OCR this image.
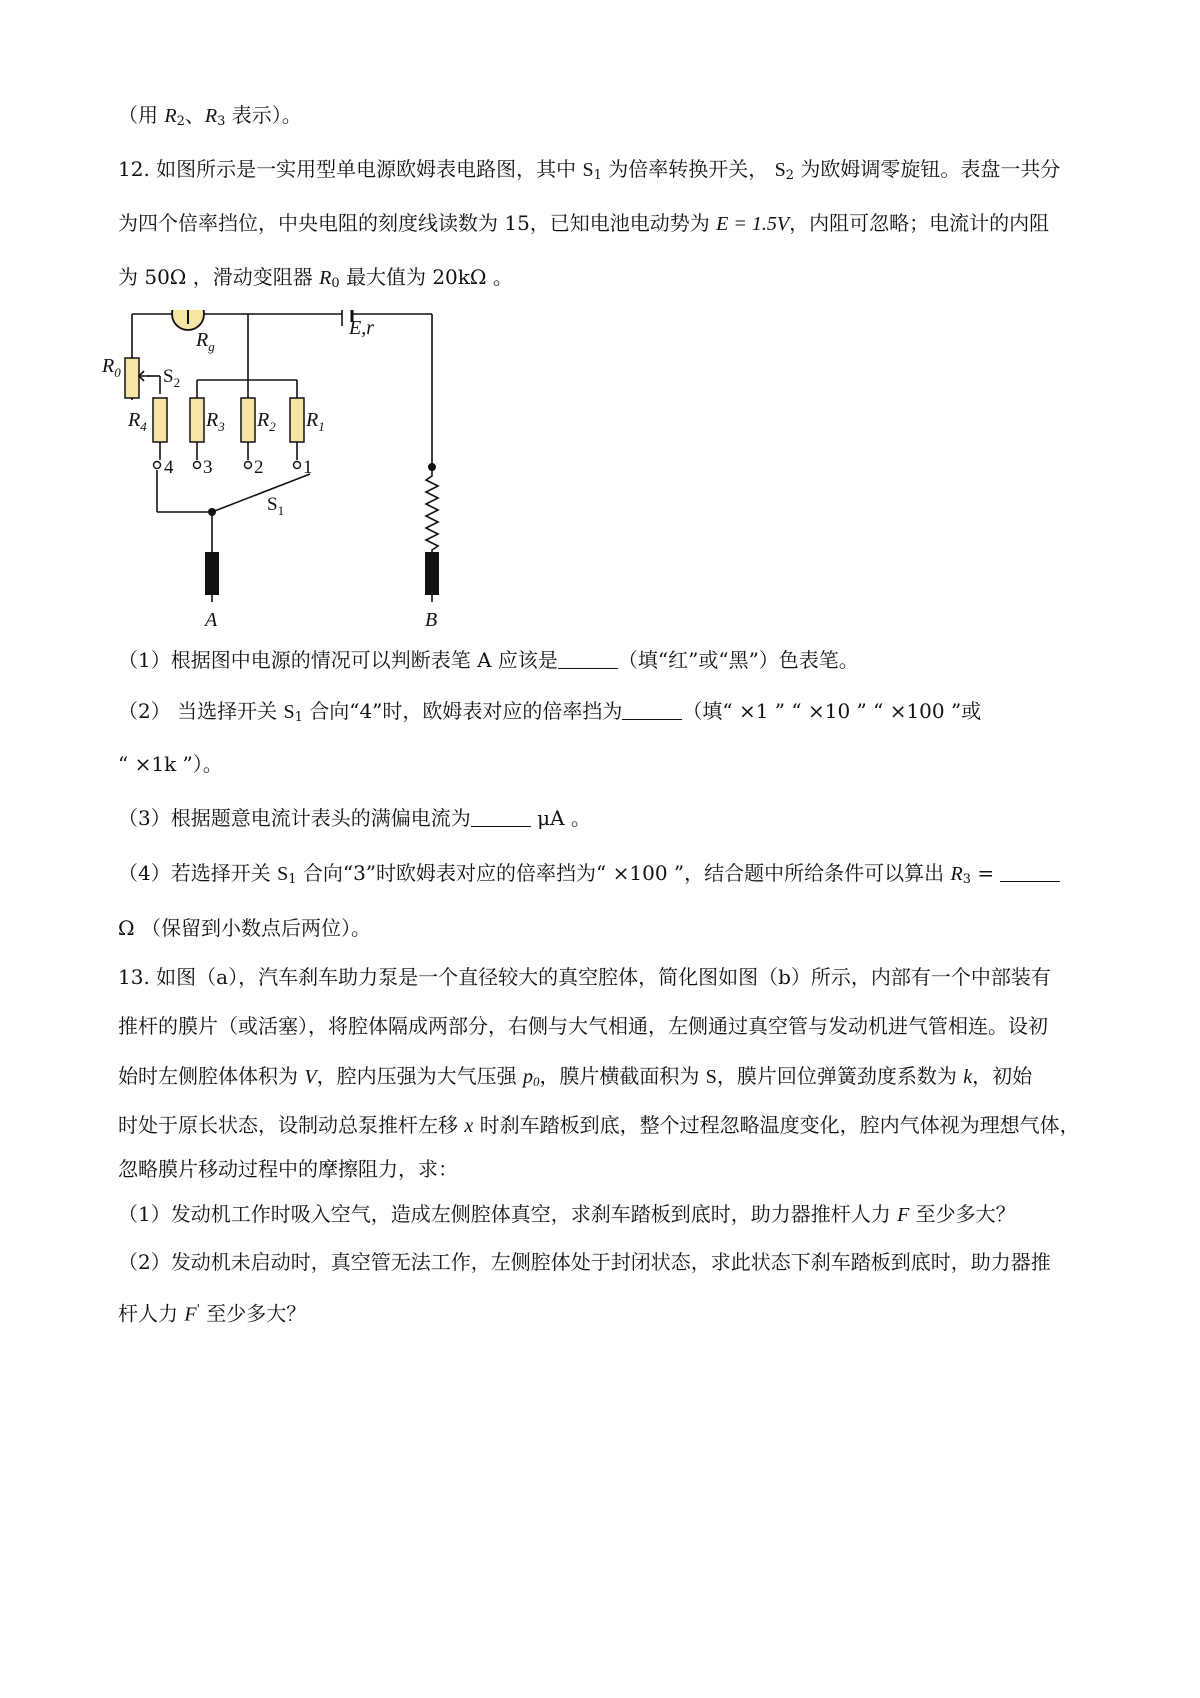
（用 $R_2$、$R_3$ 表示）。
12. 如图所示是一实用型单电源欧姆表电路图，其中 $S_1$ 为倍率转换开关， $S_2$ 为欧姆调零旋钮。表盘一共分
为四个倍率挡位，中央电阻的刻度线读数为 15，已知电池电动势为 E = 1.5V，内阻可忽略；电流计的内阻
为 50Ω ，滑动变阻器 $R_0$ 最大值为 20kΩ 。
$R_g$
E,r
$R_0$ $S_2$
$R_4$	$R_3$ $R_2$ $R_1$
4 3 2 1
$S_1$
A	B
（1）根据图中电源的情况可以判断表笔 A 应该是	（填“红”或“黑”）色表笔。
（2） 当选择开关 $S_1$ 合向“4”时，欧姆表对应的倍率挡为	（填“ ×1 ” “ ×10 ” “ ×100 ”或
“ ×1k ”）。
（3）根据题意电流计表头的满偏电流为	μA 。
（4）若选择开关 $S_1$ 合向“3”时欧姆表对应的倍率挡为“ ×100 ”，结合题中所给条件可以算出 $R_3$ =
Ω （保留到小数点后两位）。
13. 如图（a），汽车刹车助力泵是一个直径较大的真空腔体，简化图如图（b）所示，内部有一个中部装有
推杆的膜片（或活塞），将腔体隔成两部分，右侧与大气相通，左侧通过真空管与发动机进气管相连。设初
始时左侧腔体体积为 V，腔内压强为大气压强 $p_0$，膜片横截面积为 S，膜片回位弹簧劲度系数为 k，初始
时处于原长状态，设制动总泵推杆左移 x 时刹车踏板到底，整个过程忽略温度变化，腔内气体视为理想气体，
忽略膜片移动过程中的摩擦阻力，求：
（1）发动机工作时吸入空气，造成左侧腔体真空，求刹车踏板到底时，助力器推杆人力 F 至少多大？
（2）发动机未启动时，真空管无法工作，左侧腔体处于封闭状态，求此状态下刹车踏板到底时，助力器推
杆人力 F' 至少多大？
